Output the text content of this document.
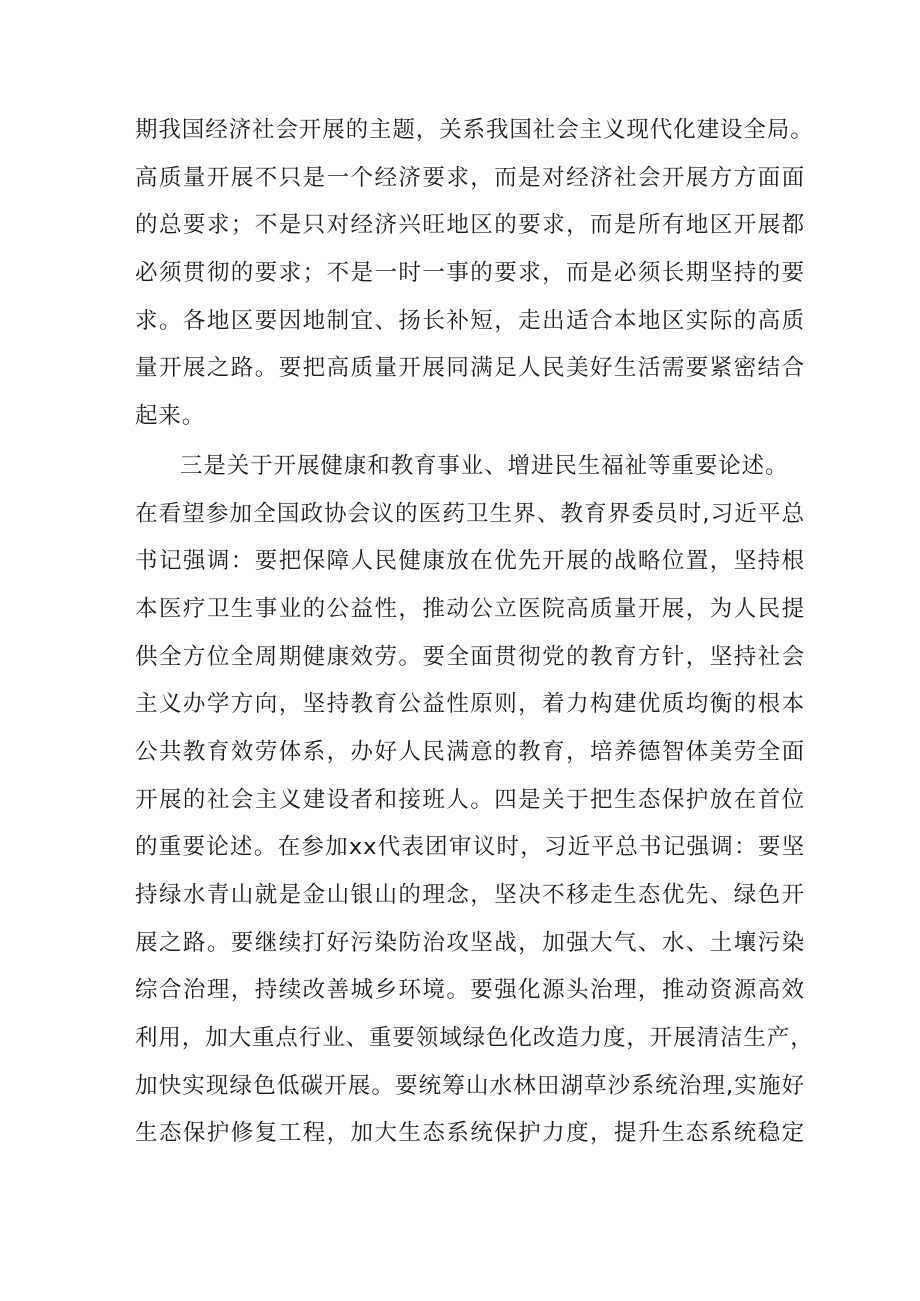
期我国经济社会开展的主题，关系我国社会主义现代化建设全局。
高质量开展不只是一个经济要求，而是对经济社会开展方方面面
的总要求；不是只对经济兴旺地区的要求，而是所有地区开展都
必须贯彻的要求；不是一时一事的要求，而是必须长期坚持的要
求。各地区要因地制宜、扬长补短，走出适合本地区实际的高质
量开展之路。要把高质量开展同满足人民美好生活需要紧密结合
起来。
三是关于开展健康和教育事业、增进民生福祉等重要论述。
在看望参加全国政协会议的医药卫生界、教育界委员时,习近平总
书记强调：要把保障人民健康放在优先开展的战略位置，坚持根
本医疗卫生事业的公益性，推动公立医院高质量开展，为人民提
供全方位全周期健康效劳。要全面贯彻党的教育方针，坚持社会
主义办学方向，坚持教育公益性原则，着力构建优质均衡的根本
公共教育效劳体系，办好人民满意的教育，培养德智体美劳全面
开展的社会主义建设者和接班人。四是关于把生态保护放在首位
的重要论述。在参加xx代表团审议时，习近平总书记强调：要坚
持绿水青山就是金山银山的理念，坚决不移走生态优先、绿色开
展之路。要继续打好污染防治攻坚战，加强大气、水、土壤污染
综合治理，持续改善城乡环境。要强化源头治理，推动资源高效
利用，加大重点行业、重要领域绿色化改造力度，开展清洁生产，
加快实现绿色低碳开展。要统筹山水林田湖草沙系统治理,实施好
生态保护修复工程，加大生态系统保护力度，提升生态系统稳定
